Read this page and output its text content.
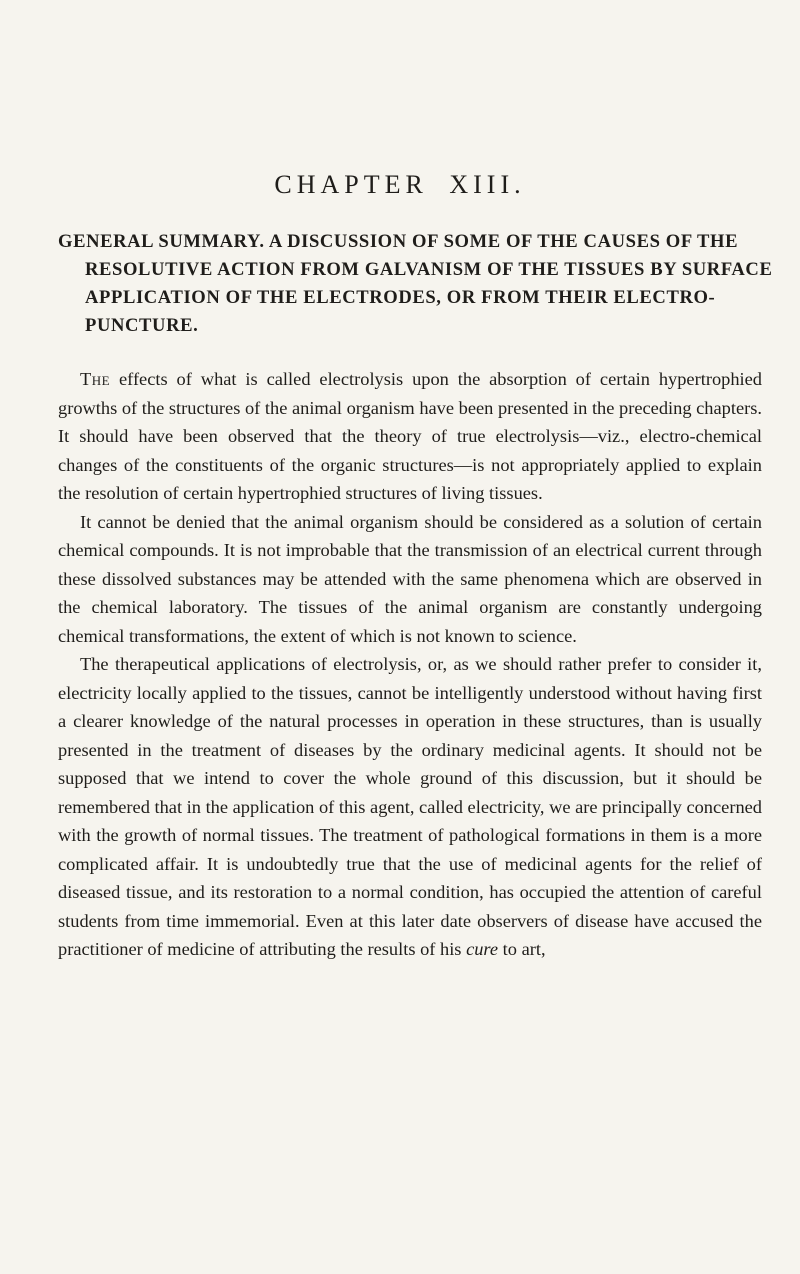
CHAPTER XIII.
GENERAL SUMMARY. A DISCUSSION OF SOME OF THE CAUSES OF THE RESOLUTIVE ACTION FROM GALVANISM OF THE TISSUES BY SURFACE APPLICATION OF THE ELECTRODES, OR FROM THEIR ELECTRO-PUNCTURE.

The effects of what is called electrolysis upon the absorption of certain hypertrophied growths of the structures of the animal organism have been presented in the preceding chapters. It should have been observed that the theory of true electrolysis—viz., electro-chemical changes of the constituents of the organic structures—is not appropriately applied to explain the resolution of certain hypertrophied structures of living tissues.

It cannot be denied that the animal organism should be considered as a solution of certain chemical compounds. It is not improbable that the transmission of an electrical current through these dissolved substances may be attended with the same phenomena which are observed in the chemical laboratory. The tissues of the animal organism are constantly undergoing chemical transformations, the extent of which is not known to science.

The therapeutical applications of electrolysis, or, as we should rather prefer to consider it, electricity locally applied to the tissues, cannot be intelligently understood without having first a clearer knowledge of the natural processes in operation in these structures, than is usually presented in the treatment of diseases by the ordinary medicinal agents. It should not be supposed that we intend to cover the whole ground of this discussion, but it should be remembered that in the application of this agent, called electricity, we are principally concerned with the growth of normal tissues. The treatment of pathological formations in them is a more complicated affair. It is undoubtedly true that the use of medicinal agents for the relief of diseased tissue, and its restoration to a normal condition, has occupied the attention of careful students from time immemorial. Even at this later date observers of disease have accused the practitioner of medicine of attributing the results of his cure to art,
